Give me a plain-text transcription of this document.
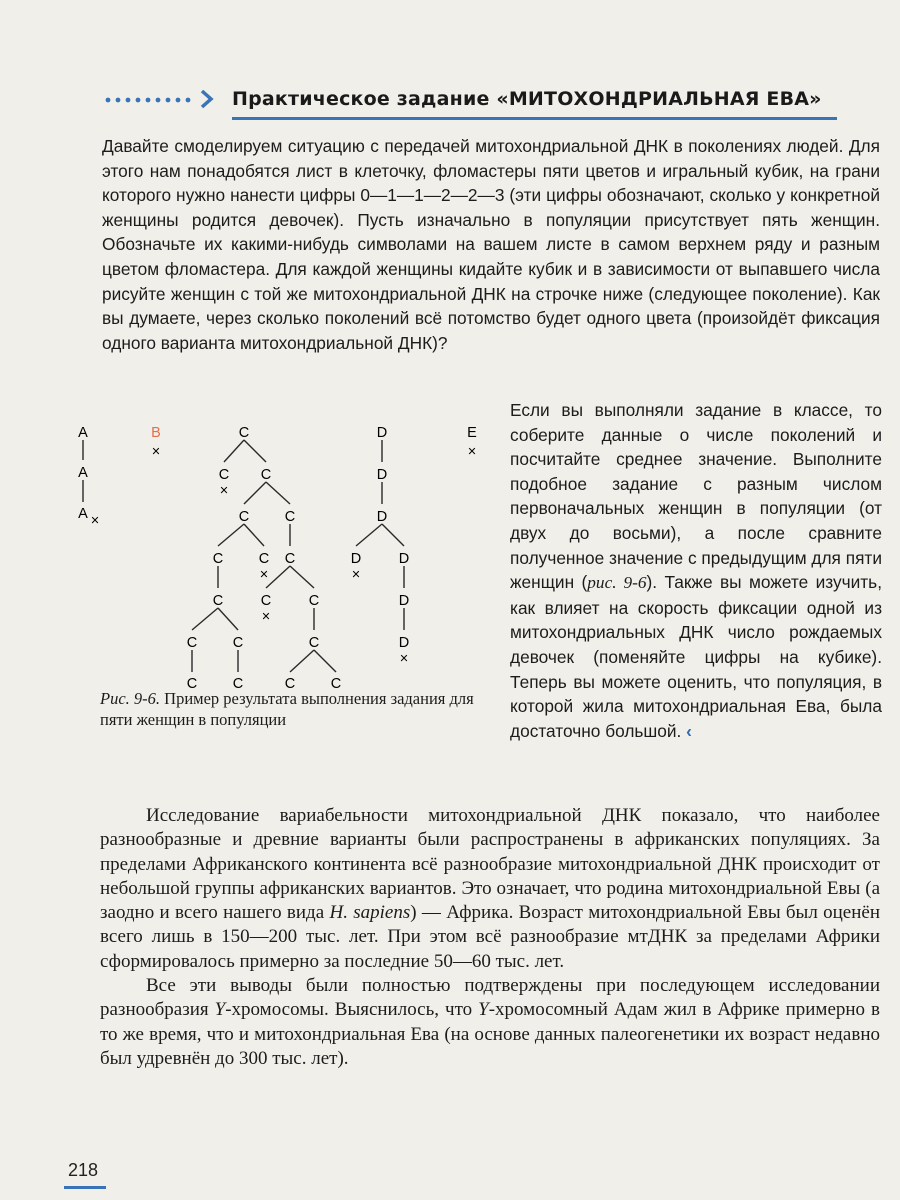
Практическое задание «МИТОХОНДРИАЛЬНАЯ ЕВА»

Давайте смоделируем ситуацию с передачей митохондриальной ДНК в поколениях людей. Для этого нам понадобятся лист в клеточку, фломастеры пяти цветов и игральный кубик, на грани которого нужно нанести цифры 0—1—1—2—2—3 (эти цифры обозначают, сколько у конкретной женщины родится девочек). Пусть изначально в популяции присутствует пять женщин. Обозначьте их какими-нибудь символами на вашем листе в самом верхнем ряду и разным цветом фломастера. Для каждой женщины кидайте кубик и в зависимости от выпавшего числа рисуйте женщин с той же митохондриальной ДНК на строчке ниже (следующее поколение). Как вы думаете, через сколько поколений всё потомство будет одного цвета (произойдёт фиксация одного варианта митохондриальной ДНК)?

A
A
A ×
B
×
C
C
×
C
C C
C C
×
C
C	C
×
C
C C	C
C C	C C
D
D
D
D
×
D
D
D
×
E
×

Рис. 9-6. Пример результата выполнения задания для пяти женщин в популяции

Если вы выполняли задание в классе, то соберите данные о числе поколений и посчитайте среднее значение. Выполните подобное задание с разным числом первоначальных женщин в популяции (от двух до восьми), а после сравните полученное значение с предыдущим для пяти женщин (рис. 9-6). Также вы можете изучить, как влияет на скорость фиксации одной из митохондриальных ДНК число рождаемых девочек (поменяйте цифры на кубике). Теперь вы можете оценить, что популяция, в которой жила митохондриальная Ева, была достаточно большой. ‹

Исследование вариабельности митохондриальной ДНК показало, что наиболее разнообразные и древние варианты были распространены в африканских популяциях. За пределами Африканского континента всё разнообразие митохондриальной ДНК происходит от небольшой группы африканских вариантов. Это означает, что родина митохондриальной Евы (а заодно и всего нашего вида H. sapiens) — Африка. Возраст митохондриальной Евы был оценён всего лишь в 150—200 тыс. лет. При этом всё разнообразие мтДНК за пределами Африки сформировалось примерно за последние 50—60 тыс. лет.

Все эти выводы были полностью подтверждены при последующем исследовании разнообразия Y-хромосомы. Выяснилось, что Y-хромосомный Адам жил в Африке примерно в то же время, что и митохондриальная Ева (на основе данных палеогенетики их возраст недавно был удревнён до 300 тыс. лет).

218
